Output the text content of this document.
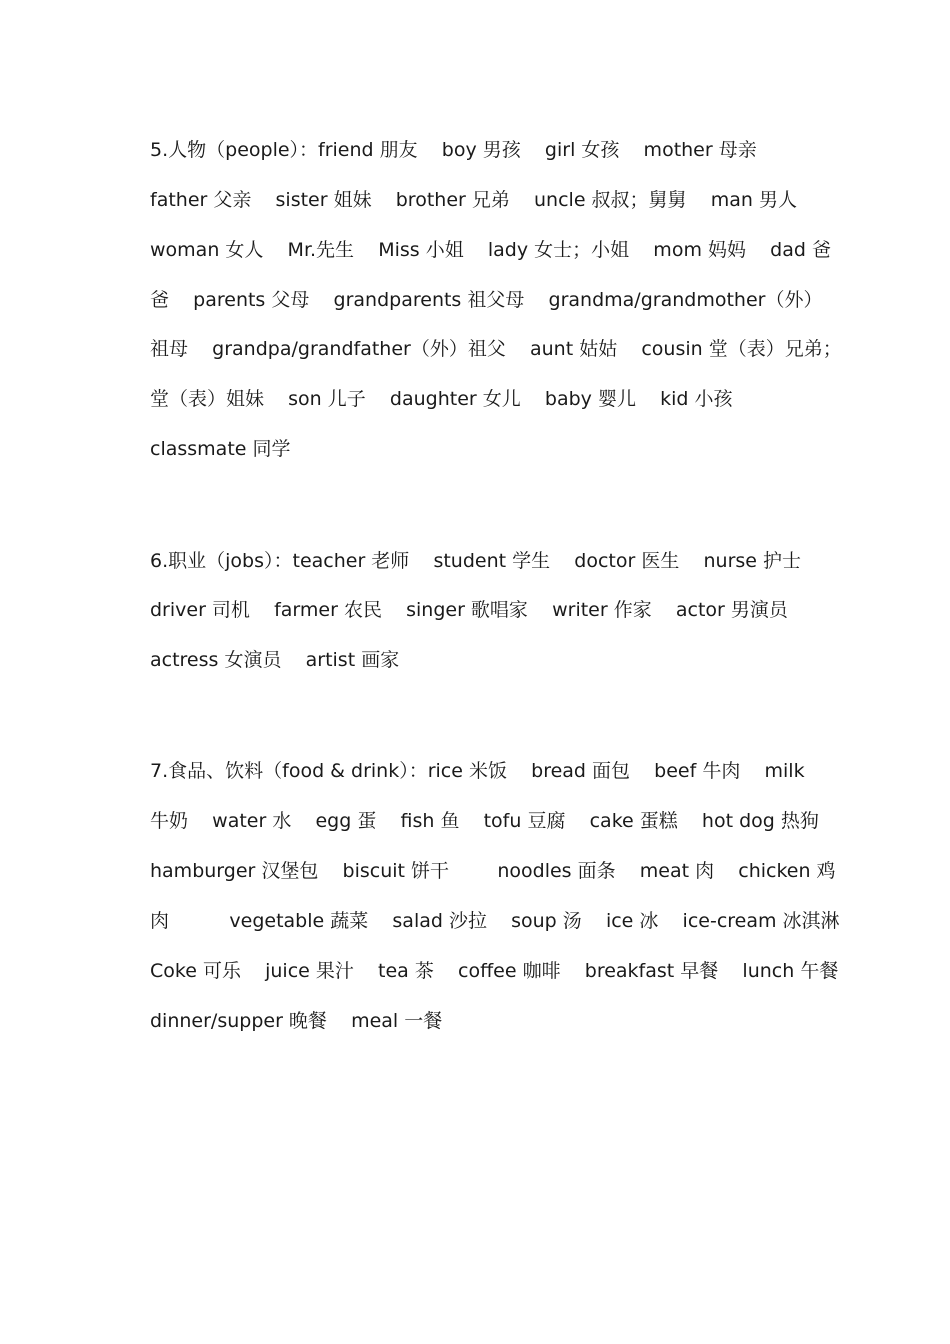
5.人物（people）：friend 朋友    boy 男孩    girl 女孩    mother 母亲
father 父亲    sister 姐妹    brother 兄弟    uncle 叔叔；舅舅    man 男人
woman 女人    Mr.先生    Miss 小姐    lady 女士；小姐    mom 妈妈    dad 爸
爸    parents 父母    grandparents 祖父母    grandma/grandmother（外）
祖母    grandpa/grandfather（外）祖父    aunt 姑姑    cousin 堂（表）兄弟；
堂（表）姐妹    son 儿子    daughter 女儿    baby 婴儿    kid 小孩
classmate 同学
6.职业（jobs）：teacher 老师    student 学生    doctor 医生    nurse 护士
driver 司机    farmer 农民    singer 歌唱家    writer 作家    actor 男演员
actress 女演员    artist 画家
7.食品、饮料（food & drink）：rice 米饭    bread 面包    beef 牛肉    milk
牛奶    water 水    egg 蛋    fish 鱼    tofu 豆腐    cake 蛋糕    hot dog 热狗
hamburger 汉堡包    biscuit 饼干        noodles 面条    meat 肉    chicken 鸡
肉          vegetable 蔬菜    salad 沙拉    soup 汤    ice 冰    ice-cream 冰淇淋
Coke 可乐    juice 果汁    tea 茶    coffee 咖啡    breakfast 早餐    lunch 午餐
dinner/supper 晚餐    meal 一餐
